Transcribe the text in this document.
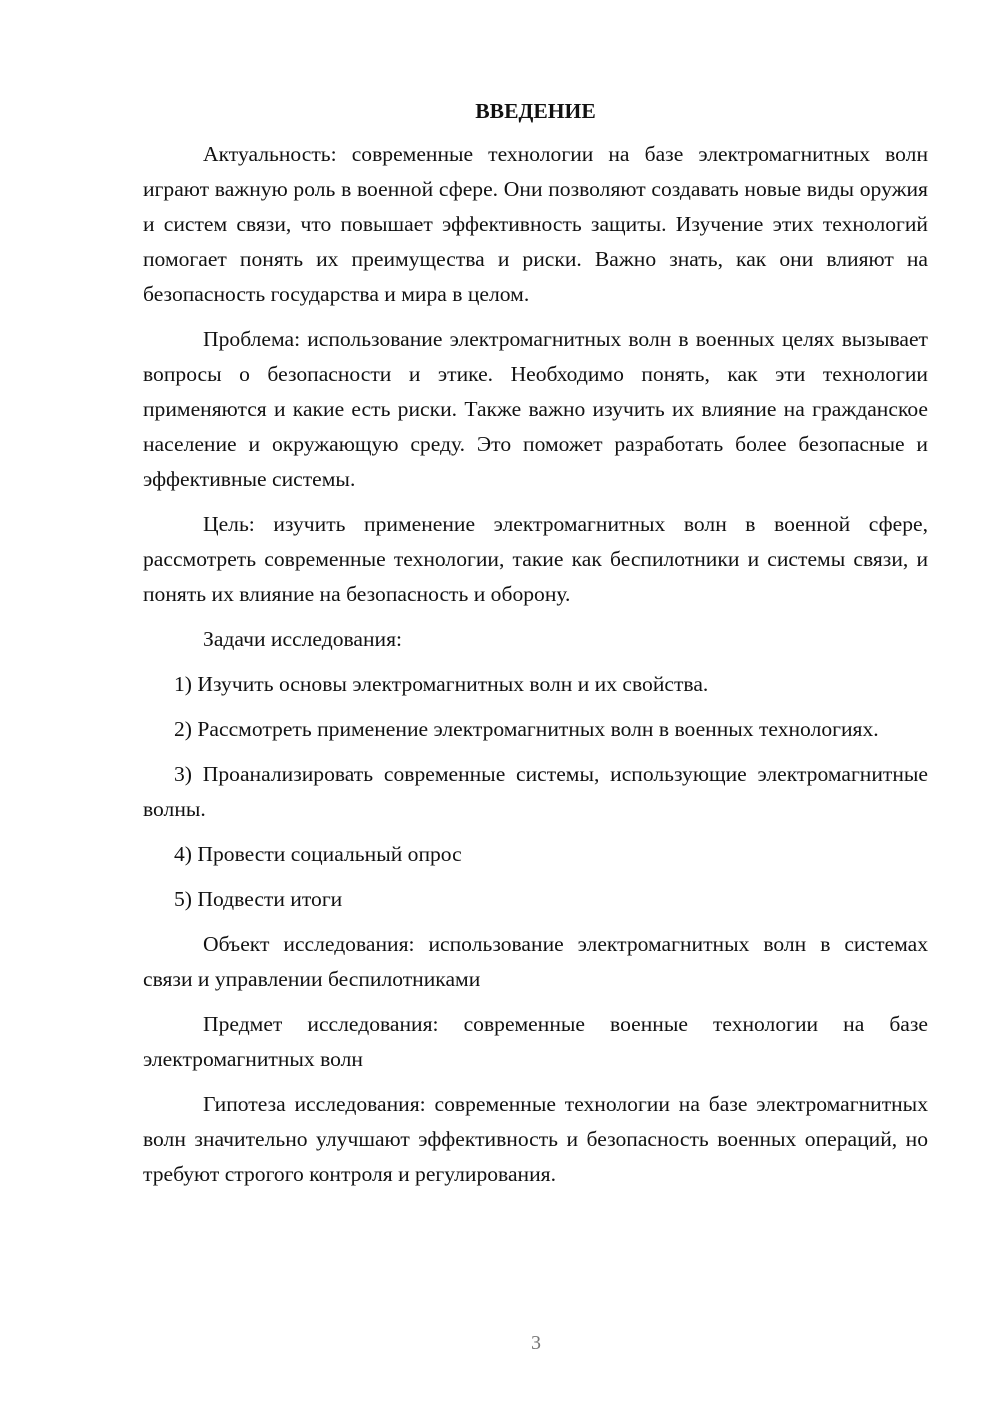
ВВЕДЕНИЕ

Актуальность: современные технологии на базе электромагнитных волн играют важную роль в военной сфере. Они позволяют создавать новые виды оружия и систем связи, что повышает эффективность защиты. Изучение этих технологий помогает понять их преимущества и риски. Важно знать, как они влияют на безопасность государства и мира в целом.

Проблема: использование электромагнитных волн в военных целях вызывает вопросы о безопасности и этике. Необходимо понять, как эти технологии применяются и какие есть риски. Также важно изучить их влияние на гражданское население и окружающую среду. Это поможет разработать более безопасные и эффективные системы.

Цель: изучить применение электромагнитных волн в военной сфере, рассмотреть современные технологии, такие как беспилотники и системы связи, и понять их влияние на безопасность и оборону.

Задачи исследования:

1) Изучить основы электромагнитных волн и их свойства.

2) Рассмотреть применение электромагнитных волн в военных технологиях.

3) Проанализировать современные системы, использующие электромагнитные волны.

4) Провести социальный опрос

5) Подвести итоги

Объект исследования: использование электромагнитных волн в системах связи и управлении беспилотниками

Предмет исследования: современные военные технологии на базе электромагнитных волн

Гипотеза исследования: современные технологии на базе электромагнитных волн значительно улучшают эффективность и безопасность военных операций, но требуют строгого контроля и регулирования.

3
